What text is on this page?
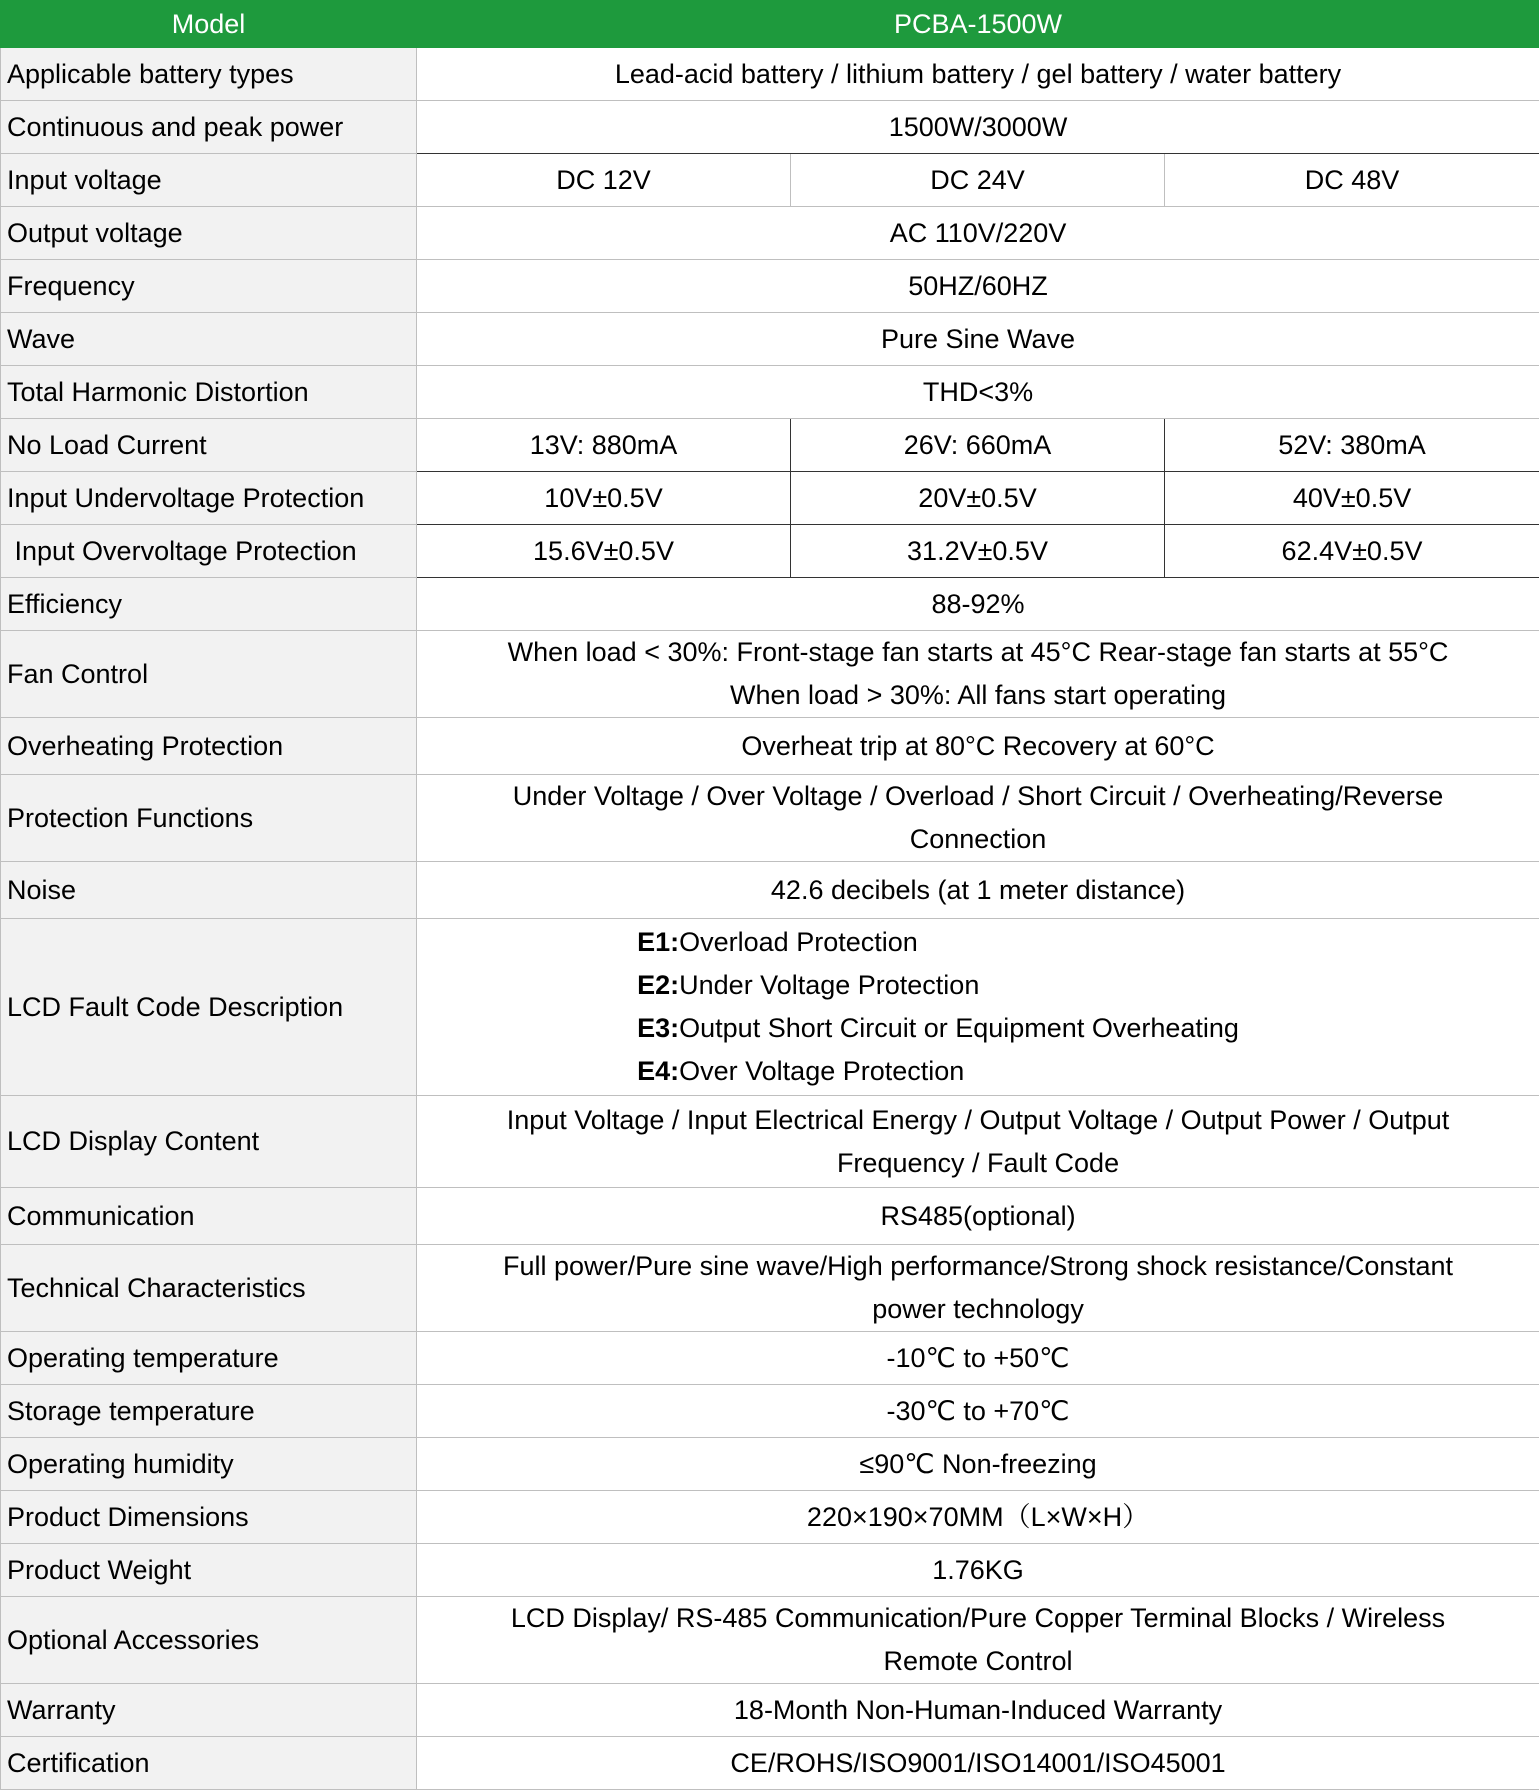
Model	PCBA-1500W		
Applicable battery types	Lead-acid battery / lithium battery / gel battery / water battery		
Continuous and peak power	1500W/3000W		
Input voltage	DC 12V	DC 24V	DC 48V
Output voltage	AC 110V/220V		
Frequency	50HZ/60HZ		
Wave	Pure Sine Wave		
Total Harmonic Distortion	THD<3%		
No Load Current	13V: 880mA	26V: 660mA	52V: 380mA
Input Undervoltage Protection	10V±0.5V	20V±0.5V	40V±0.5V
Input Overvoltage Protection	15.6V±0.5V	31.2V±0.5V	62.4V±0.5V
Efficiency	88-92%		
Fan Control	When load < 30%: Front-stage fan starts at 45°C Rear-stage fan starts at 55°C
When load > 30%: All fans start operating		

Overheating Protection	Overheat trip at 80°C Recovery at 60°C		
Protection Functions	Under Voltage / Over Voltage / Overload / Short Circuit / Overheating/Reverse
Connection		

Noise	42.6 decibels (at 1 meter distance)		
LCD Fault Code Description	E1:Overload Protection
E2:Under Voltage Protection
E3:Output Short Circuit or Equipment Overheating
E4:Over Voltage Protection		

LCD Display Content	Input Voltage / Input Electrical Energy / Output Voltage / Output Power / Output
Frequency / Fault Code		

Communication	RS485(optional)		
Technical Characteristics	Full power/Pure sine wave/High performance/Strong shock resistance/Constant
power technology		

Operating temperature	-10℃ to +50℃		
Storage temperature	-30℃ to +70℃		
Operating humidity	≤90℃ Non-freezing		
Product Dimensions	220×190×70MM（L×W×H）		
Product Weight	1.76KG		
Optional Accessories	LCD Display/ RS-485 Communication/Pure Copper Terminal Blocks / Wireless
Remote Control		

Warranty	18-Month Non-Human-Induced Warranty		
Certification	CE/ROHS/ISO9001/ISO14001/ISO45001		
